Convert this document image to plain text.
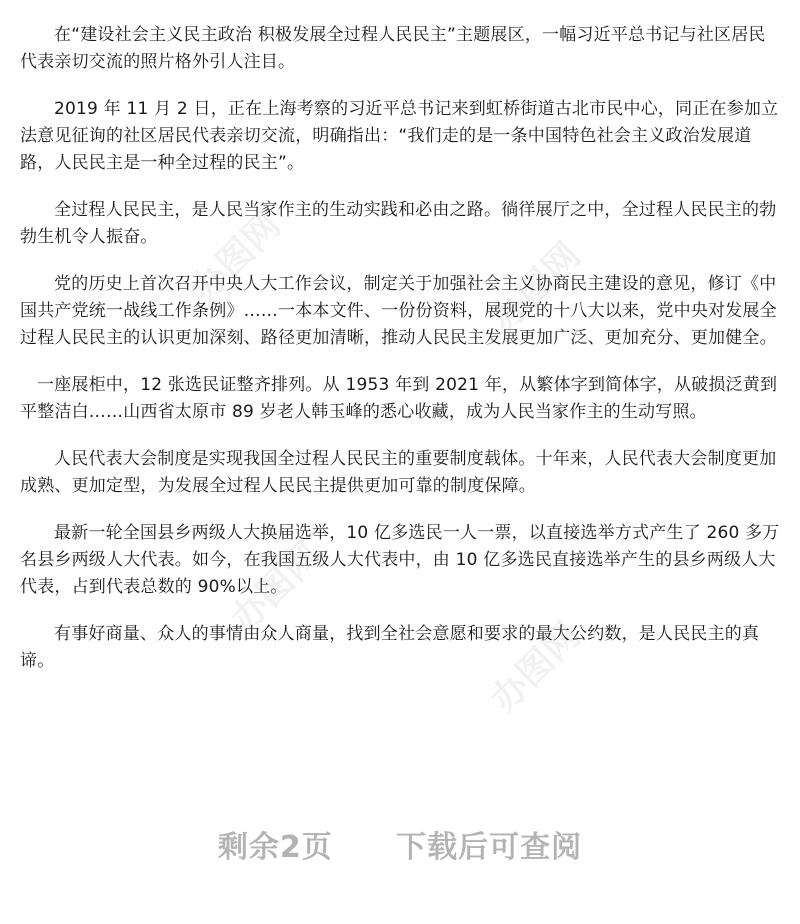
办图网	办图网
办图网
办图网

在“建设社会主义民主政治 积极发展全过程人民民主”主题展区，一幅习近平总书记与社区居民代表亲切交流的照片格外引人注目。

2019 年 11 月 2 日，正在上海考察的习近平总书记来到虹桥街道古北市民中心，同正在参加立法意见征询的社区居民代表亲切交流，明确指出：“我们走的是一条中国特色社会主义政治发展道路，人民民主是一种全过程的民主”。

全过程人民民主，是人民当家作主的生动实践和必由之路。徜徉展厅之中，全过程人民民主的勃勃生机令人振奋。

党的历史上首次召开中央人大工作会议，制定关于加强社会主义协商民主建设的意见，修订《中国共产党统一战线工作条例》……一本本文件、一份份资料，展现党的十八大以来，党中央对发展全过程人民民主的认识更加深刻、路径更加清晰，推动人民民主发展更加广泛、更加充分、更加健全。

一座展柜中，12 张选民证整齐排列。从 1953 年到 2021 年，从繁体字到简体字，从破损泛黄到平整洁白……山西省太原市 89 岁老人韩玉峰的悉心收藏，成为人民当家作主的生动写照。

人民代表大会制度是实现我国全过程人民民主的重要制度载体。十年来，人民代表大会制度更加成熟、更加定型，为发展全过程人民民主提供更加可靠的制度保障。

最新一轮全国县乡两级人大换届选举，10 亿多选民一人一票，以直接选举方式产生了 260 多万名县乡两级人大代表。如今，在我国五级人大代表中，由 10 亿多选民直接选举产生的县乡两级人大代表，占到代表总数的 90%以上。

有事好商量、众人的事情由众人商量，找到全社会意愿和要求的最大公约数，是人民民主的真谛。

剩余2页 下载后可查阅
